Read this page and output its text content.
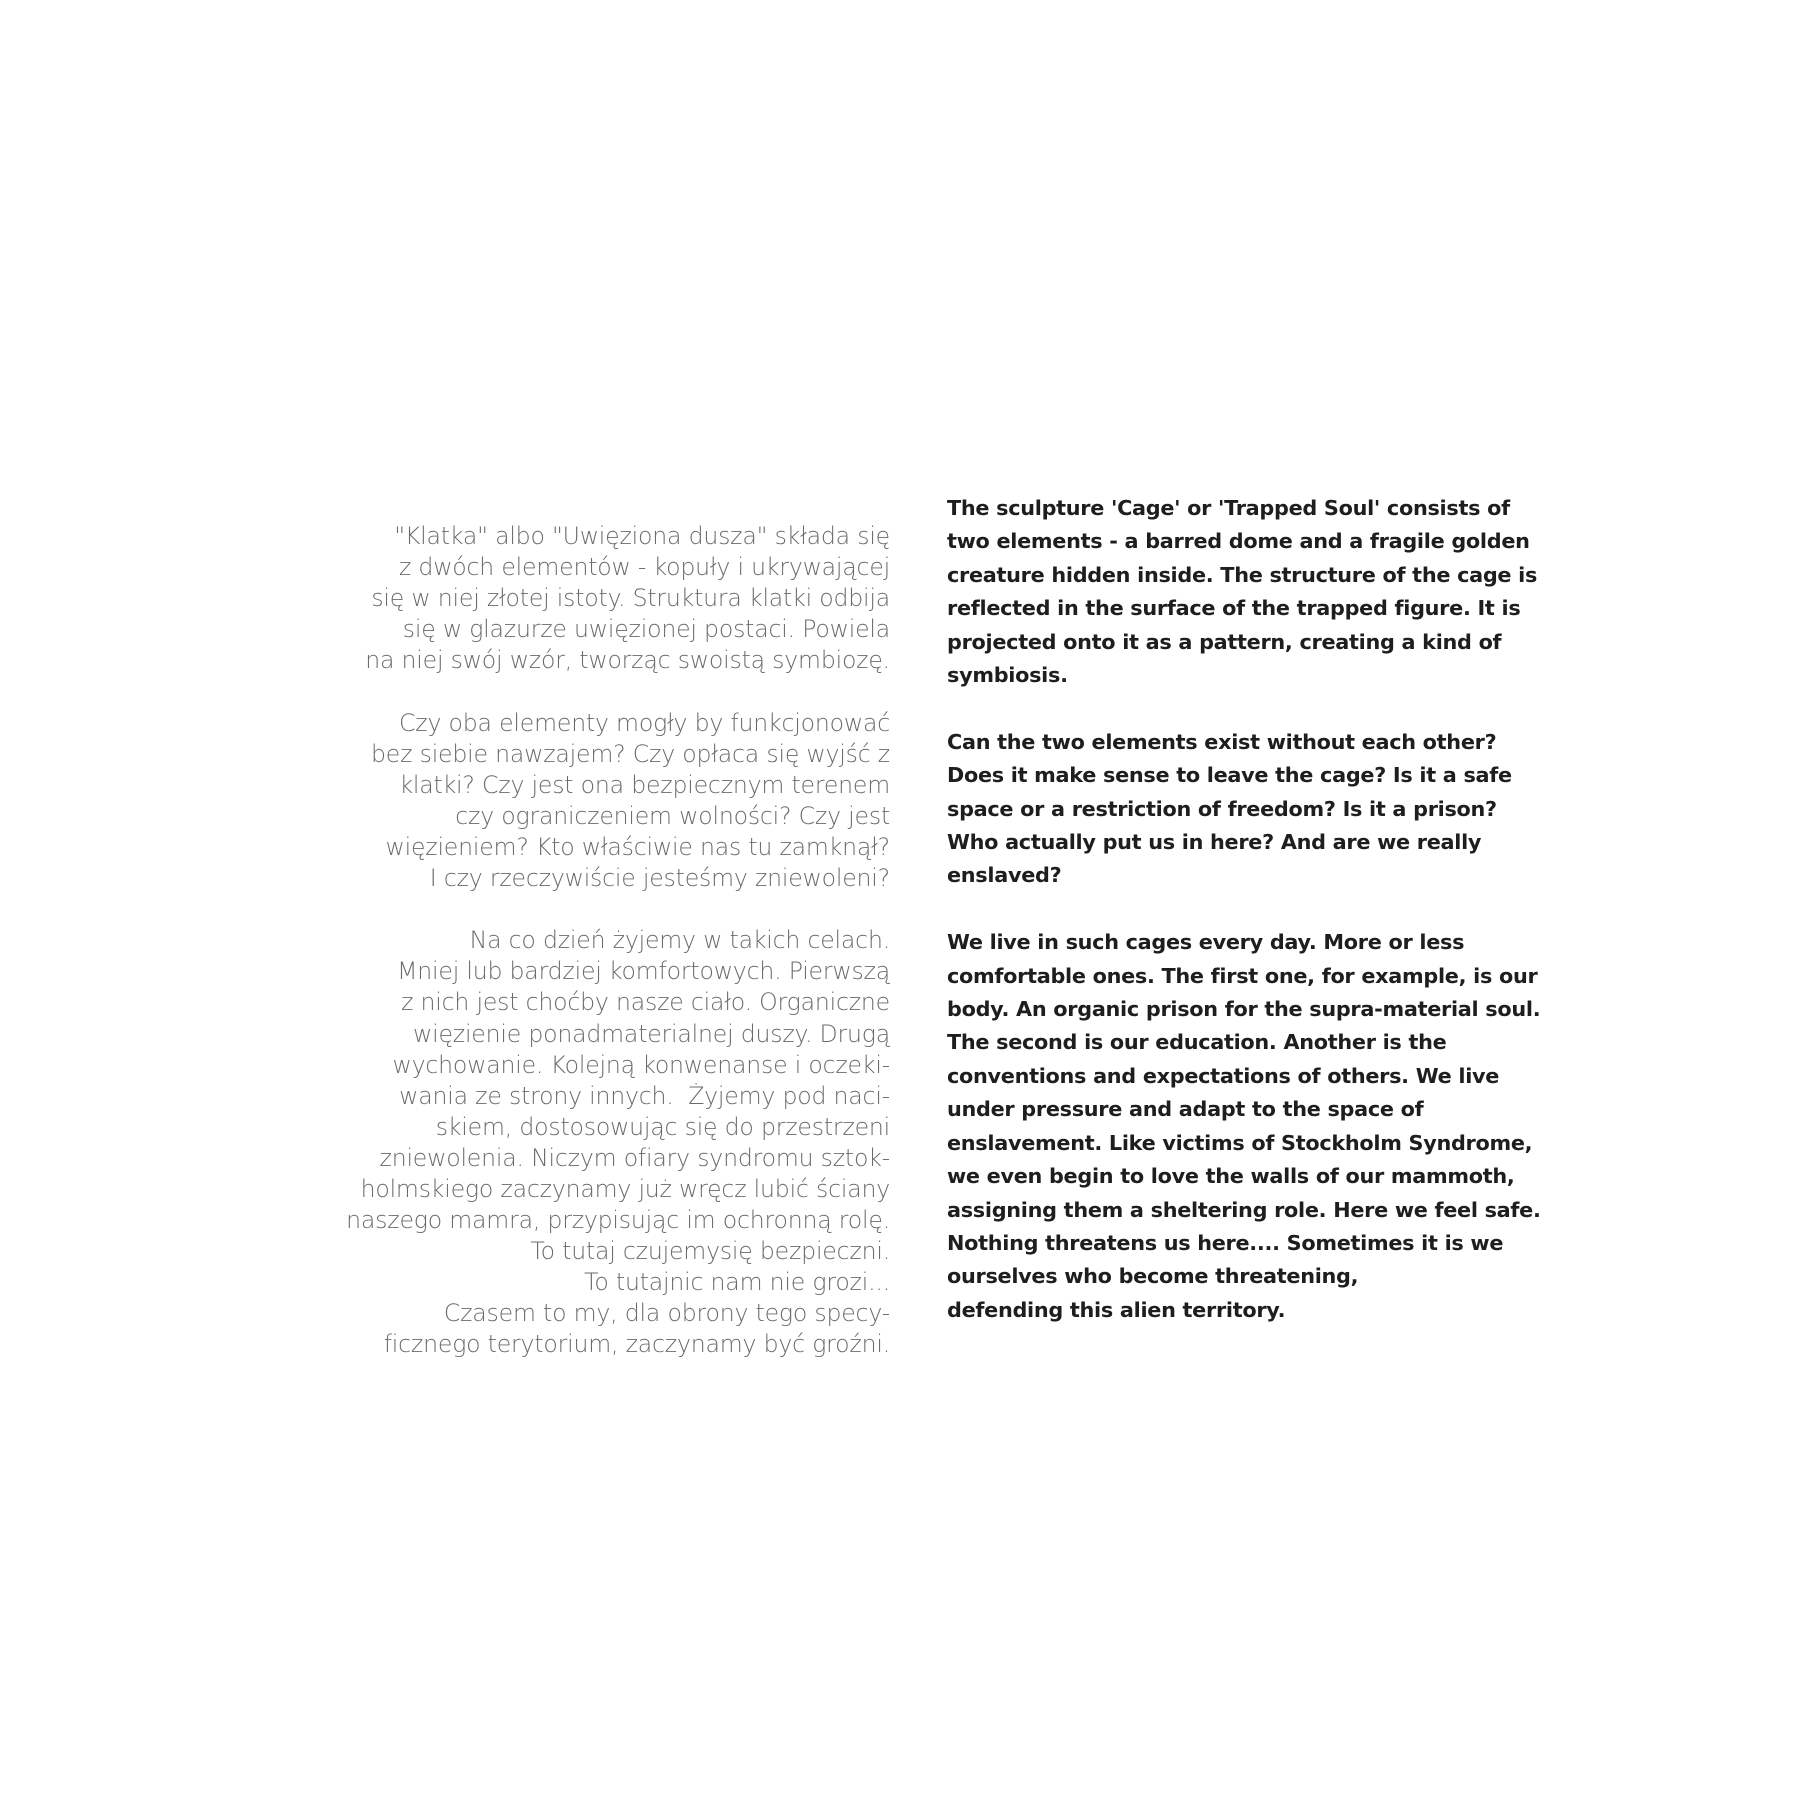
"Klatka" albo "Uwięziona dusza" składa się
z dwóch elementów - kopuły i ukrywającej
się w niej złotej istoty. Struktura klatki odbija
się w glazurze uwięzionej postaci. Powiela
na niej swój wzór, tworząc swoistą symbiozę.

Czy oba elementy mogły by funkcjonować
bez siebie nawzajem? Czy opłaca się wyjść z
klatki? Czy jest ona bezpiecznym terenem
czy ograniczeniem wolności? Czy jest
więzieniem? Kto właściwie nas tu zamknął?
I czy rzeczywiście jesteśmy zniewoleni?

Na co dzień żyjemy w takich celach.
Mniej lub bardziej komfortowych. Pierwszą
z nich jest choćby nasze ciało. Organiczne
więzienie ponadmaterialnej duszy. Drugą
wychowanie. Kolejną konwenanse i oczeki-
wania ze strony innych.  Żyjemy pod naci-
skiem, dostosowując się do przestrzeni
zniewolenia. Niczym ofiary syndromu sztok-
holmskiego zaczynamy już wręcz lubić ściany
naszego mamra, przypisując im ochronną rolę.
To tutaj czujemysię bezpieczni.
To tutajnic nam nie grozi...
Czasem to my, dla obrony tego specy-
ficznego terytorium, zaczynamy być groźni.

The sculpture 'Cage' or 'Trapped Soul' consists of
two elements - a barred dome and a fragile golden
creature hidden inside. The structure of the cage is
reflected in the surface of the trapped figure. It is
projected onto it as a pattern, creating a kind of
symbiosis.

Can the two elements exist without each other?
Does it make sense to leave the cage? Is it a safe
space or a restriction of freedom? Is it a prison?
Who actually put us in here? And are we really
enslaved?

We live in such cages every day. More or less
comfortable ones. The first one, for example, is our
body. An organic prison for the supra-material soul.
The second is our education. Another is the
conventions and expectations of others. We live
under pressure and adapt to the space of
enslavement. Like victims of Stockholm Syndrome,
we even begin to love the walls of our mammoth,
assigning them a sheltering role. Here we feel safe.
Nothing threatens us here.... Sometimes it is we
ourselves who become threatening,
defending this alien territory.
